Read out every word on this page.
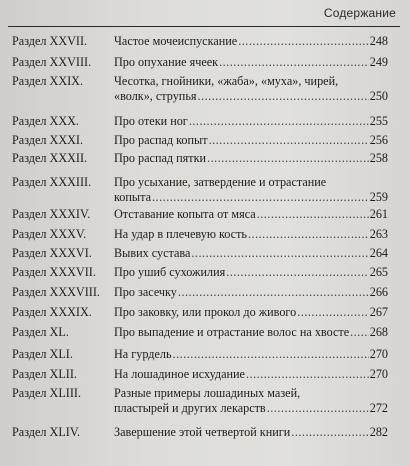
Содержание
Раздел XXVII. Частое мочеиспускание .....	248
Раздел XXVIII. Про опухание ячеек .....	249
Раздел XXIX.	Чесотка, гнойники, «жаба», «муха», чирей,
«волк», струпья .....	250
Раздел XXX.	Про отеки ног .....	255
Раздел XXXI.	Про распад копыт .....	256
Раздел XXXII. Про распад пятки .....	258
Раздел XXXIII. Про усыхание, затвердение и отрастание
копыта .....	259
Раздел XXXIV. Отставание копыта от мяса .....	261
Раздел XXXV. На удар в плечевую кость .....	263
Раздел XXXVI. Вывих сустава .....	264
Раздел XXXVII. Про ушиб сухожилия .....	265
Раздел XXXVIII. Про засечку .....	266
Раздел XXXIX. Про заковку, или прокол до живого .....	267
Раздел XL.	Про выпадение и отрастание волос на хвосте ..... 268
Раздел XLI.	На гурдель .....	270
Раздел XLII.	На лошадиное исхудание .....	270
Раздел XLIII.	Разные примеры лошадиных мазей,
пластырей и других лекарств .....	272
Раздел XLIV.	Завершение этой четвертой книги .....	282
